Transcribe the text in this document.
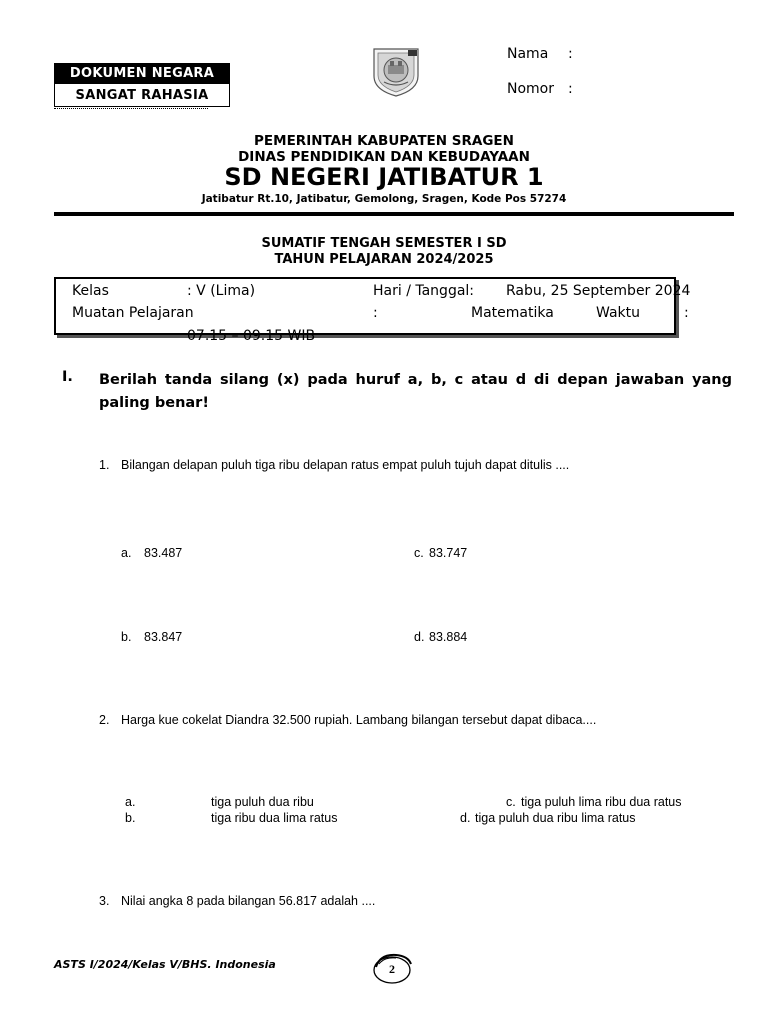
DOKUMEN NEGARA
SANGAT RAHASIA
Nama :
Nomor :
PEMERINTAH KABUPATEN SRAGEN
DINAS PENDIDIKAN DAN KEBUDAYAAN
SD NEGERI JATIBATUR 1
Jatibatur Rt.10, Jatibatur, Gemolong, Sragen, Kode Pos 57274
SUMATIF TENGAH SEMESTER I SD
TAHUN PELAJARAN 2024/2025
Kelas	: V (Lima)	Hari / Tanggal: Rabu, 25 September 2024
Muatan Pelajaran	:	Matematika	Waktu	:
07.15 – 09.15 WIB
I. Berilah tanda silang (x) pada huruf a, b, c atau d di depan jawaban yang paling benar!
1. Bilangan delapan puluh tiga ribu delapan ratus empat puluh tujuh dapat ditulis ....
a. 83.487	c. 83.747
b. 83.847	d. 83.884
2. Harga kue cokelat Diandra 32.500 rupiah. Lambang bilangan tersebut dapat dibaca....
a.	tiga puluh dua ribu	c. tiga puluh lima ribu dua ratus
b.	tiga ribu dua lima ratus	d. tiga puluh dua ribu lima ratus
3. Nilai angka 8 pada bilangan 56.817 adalah ....
ASTS I/2024/Kelas V/BHS. Indonesia	2
